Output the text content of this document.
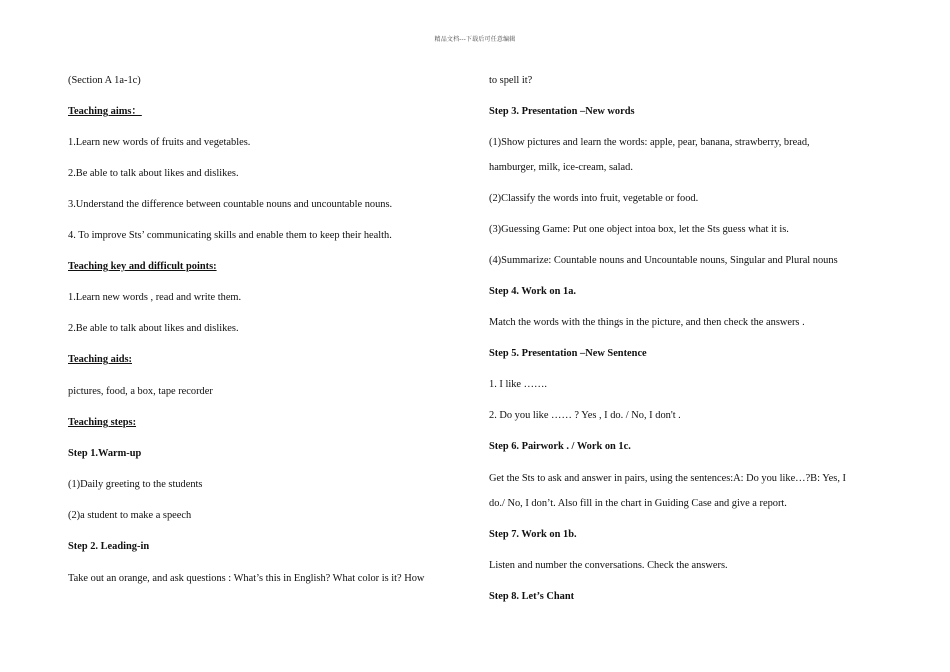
精品文档---下载后可任意编辑
(Section A 1a-1c)
Teaching aims：
1.Learn new words of fruits and vegetables.
2.Be able to talk about likes and dislikes.
3.Understand the difference between countable nouns and uncountable nouns.
4. To improve Sts’ communicating skills and enable them to keep their health.
Teaching key and difficult points:
1.Learn new words , read and write them.
2.Be able to talk about likes and dislikes.
Teaching aids:
pictures, food, a box, tape recorder
Teaching steps:
Step 1.Warm-up
(1)Daily greeting to the students
(2)a student to make a speech
Step 2. Leading-in
Take out an orange, and ask questions : What’s this in English? What color is it? How
to spell it?
Step 3. Presentation –New words
(1)Show pictures and learn the words: apple, pear, banana, strawberry, bread,
hamburger, milk, ice-cream, salad.
(2)Classify the words into fruit, vegetable or food.
(3)Guessing Game: Put one object intoa box, let the Sts guess what it is.
(4)Summarize: Countable nouns and Uncountable nouns, Singular and Plural nouns
Step 4. Work on 1a.
Match the words with the things in the picture, and then check the answers .
Step 5. Presentation –New Sentence
1. I like …….
2. Do you like …… ? Yes , I do. / No, I don't .
Step 6. Pairwork . / Work on 1c.
Get the Sts to ask and answer in pairs, using the sentences:A: Do you like…?B: Yes, I
do./ No, I don’t. Also fill in the chart in Guiding Case and give a report.
Step 7. Work on 1b.
Listen and number the conversations. Check the answers.
Step 8. Let’s Chant
